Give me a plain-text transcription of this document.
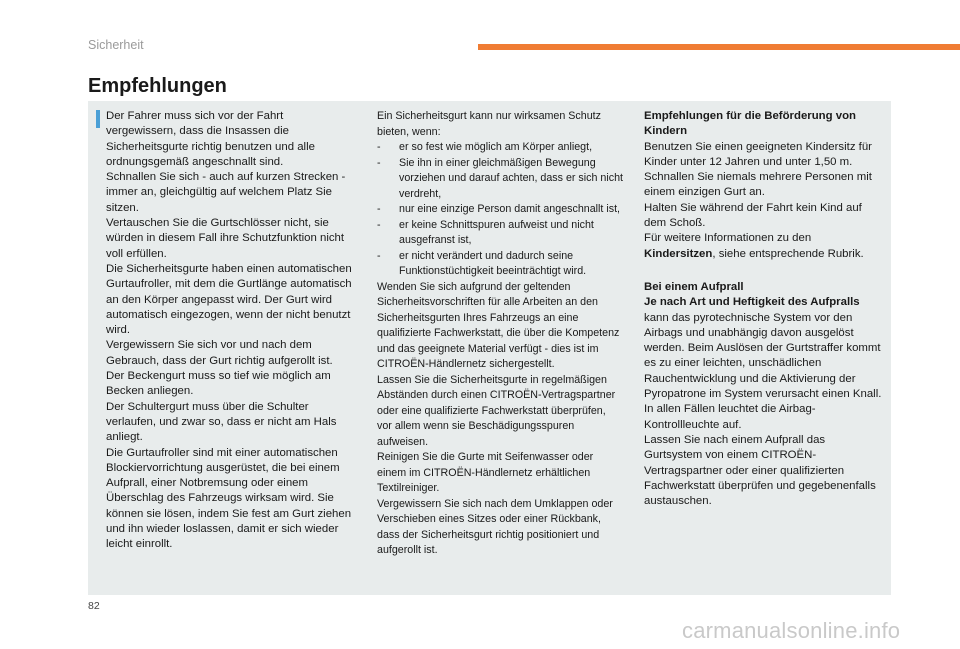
Sicherheit
Empfehlungen

Der Fahrer muss sich vor der Fahrt vergewissern, dass die Insassen die Sicherheitsgurte richtig benutzen und alle ordnungsgemäß angeschnallt sind.

Schnallen Sie sich - auch auf kurzen Strecken - immer an, gleichgültig auf welchem Platz Sie sitzen.

Vertauschen Sie die Gurtschlösser nicht, sie würden in diesem Fall ihre Schutzfunktion nicht voll erfüllen.

Die Sicherheitsgurte haben einen automatischen Gurtaufroller, mit dem die Gurtlänge automatisch an den Körper angepasst wird. Der Gurt wird automatisch eingezogen, wenn der nicht benutzt wird.

Vergewissern Sie sich vor und nach dem Gebrauch, dass der Gurt richtig aufgerollt ist.

Der Beckengurt muss so tief wie möglich am Becken anliegen.

Der Schultergurt muss über die Schulter verlaufen, und zwar so, dass er nicht am Hals anliegt.

Die Gurtaufroller sind mit einer automatischen Blockiervorrichtung ausgerüstet, die bei einem Aufprall, einer Notbremsung oder einem Überschlag des Fahrzeugs wirksam wird. Sie können sie lösen, indem Sie fest am Gurt ziehen und ihn wieder loslassen, damit er sich wieder leicht einrollt.

Ein Sicherheitsgurt kann nur wirksamen Schutz bieten, wenn:

- er so fest wie möglich am Körper anliegt,

- Sie ihn in einer gleichmäßigen Bewegung vorziehen und darauf achten, dass er sich nicht verdreht,

- nur eine einzige Person damit angeschnallt ist,

- er keine Schnittspuren aufweist und nicht ausgefranst ist,

- er nicht verändert und dadurch seine Funktionstüchtigkeit beeinträchtigt wird.

Wenden Sie sich aufgrund der geltenden Sicherheitsvorschriften für alle Arbeiten an den Sicherheitsgurten Ihres Fahrzeugs an eine qualifizierte Fachwerkstatt, die über die Kompetenz und das geeignete Material verfügt - dies ist im CITROËN-Händlernetz sichergestellt.

Lassen Sie die Sicherheitsgurte in regelmäßigen Abständen durch einen CITROËN-Vertragspartner oder eine qualifizierte Fachwerkstatt überprüfen, vor allem wenn sie Beschädigungsspuren aufweisen.

Reinigen Sie die Gurte mit Seifenwasser oder einem im CITROËN-Händlernetz erhältlichen Textilreiniger.

Vergewissern Sie sich nach dem Umklappen oder Verschieben eines Sitzes oder einer Rückbank, dass der Sicherheitsgurt richtig positioniert und aufgerollt ist.

Empfehlungen für die Beförderung von Kindern

Benutzen Sie einen geeigneten Kindersitz für Kinder unter 12 Jahren und unter 1,50 m.

Schnallen Sie niemals mehrere Personen mit einem einzigen Gurt an.

Halten Sie während der Fahrt kein Kind auf dem Schoß.

Für weitere Informationen zu den Kindersitzen, siehe entsprechende Rubrik.

Bei einem Aufprall

Je nach Art und Heftigkeit des Aufpralls

kann das pyrotechnische System vor den Airbags und unabhängig davon ausgelöst werden. Beim Auslösen der Gurtstraffer kommt es zu einer leichten, unschädlichen Rauchentwicklung und die Aktivierung der Pyropatrone im System verursacht einen Knall.

In allen Fällen leuchtet die Airbag-Kontrollleuchte auf.

Lassen Sie nach einem Aufprall das Gurtsystem von einem CITROËN-Vertragspartner oder einer qualifizierten Fachwerkstatt überprüfen und gegebenenfalls austauschen.

82
carmanualsonline.info
